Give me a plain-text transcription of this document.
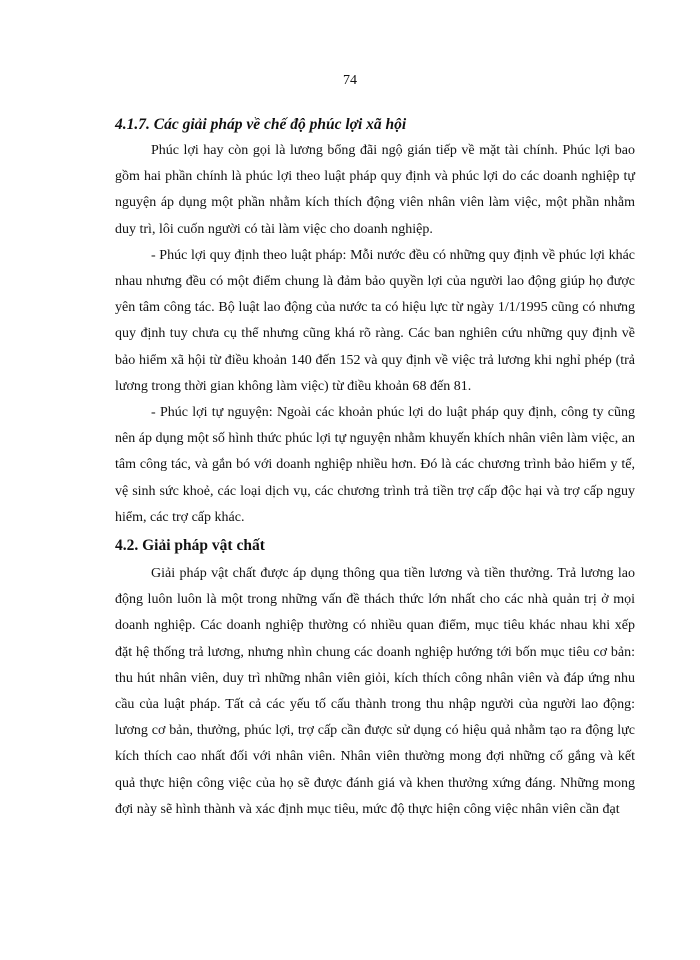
74
4.1.7. Các giải pháp về chế độ phúc lợi xã hội

Phúc lợi hay còn gọi là lương bổng đãi ngộ gián tiếp về mặt tài chính. Phúc lợi bao gồm hai phần chính là phúc lợi theo luật pháp quy định và phúc lợi do các doanh nghiệp tự nguyện áp dụng một phần nhằm kích thích động viên nhân viên làm việc, một phần nhằm duy trì, lôi cuốn người có tài làm việc cho doanh nghiệp.

- Phúc lợi quy định theo luật pháp: Mỗi nước đều có những quy định về phúc lợi khác nhau nhưng đều có một điểm chung là đảm bảo quyền lợi của người lao động giúp họ được yên tâm công tác. Bộ luật lao động của nước ta có hiệu lực từ ngày 1/1/1995 cũng có nhưng quy định tuy chưa cụ thể nhưng cũng khá rõ ràng. Các ban nghiên cứu những quy định về bảo hiểm xã hội từ điều khoản 140 đến 152 và quy định về việc trả lương khi nghỉ phép (trả lương trong thời gian không làm việc) từ điều khoản 68 đến 81.

- Phúc lợi tự nguyện: Ngoài các khoản phúc lợi do luật pháp quy định, công ty cũng nên áp dụng một số hình thức phúc lợi tự nguyện nhằm khuyến khích nhân viên làm việc, an tâm công tác, và gắn bó với doanh nghiệp nhiều hơn. Đó là các chương trình bảo hiểm y tế, vệ sinh sức khoẻ, các loại dịch vụ, các chương trình trả tiền trợ cấp độc hại và trợ cấp nguy hiểm, các trợ cấp khác.

4.2. Giải pháp vật chất

Giải pháp vật chất được áp dụng thông qua tiền lương và tiền thưởng. Trả lương lao động luôn luôn là một trong những vấn đề thách thức lớn nhất cho các nhà quản trị ở mọi doanh nghiệp. Các doanh nghiệp thường có nhiều quan điểm, mục tiêu khác nhau khi xếp đặt hệ thống trả lương, nhưng nhìn chung các doanh nghiệp hướng tới bốn mục tiêu cơ bản: thu hút nhân viên, duy trì những nhân viên giỏi, kích thích công nhân viên và đáp ứng nhu cầu của luật pháp. Tất cả các yếu tố cấu thành trong thu nhập người của người lao động: lương cơ bản, thưởng, phúc lợi, trợ cấp cần được sử dụng có hiệu quả nhằm tạo ra động lực kích thích cao nhất đối với nhân viên. Nhân viên thường mong đợi những cố gắng và kết quả thực hiện công việc của họ sẽ được đánh giá và khen thưởng xứng đáng. Những mong đợi này sẽ hình thành và xác định mục tiêu, mức độ thực hiện công việc nhân viên cần đạt
